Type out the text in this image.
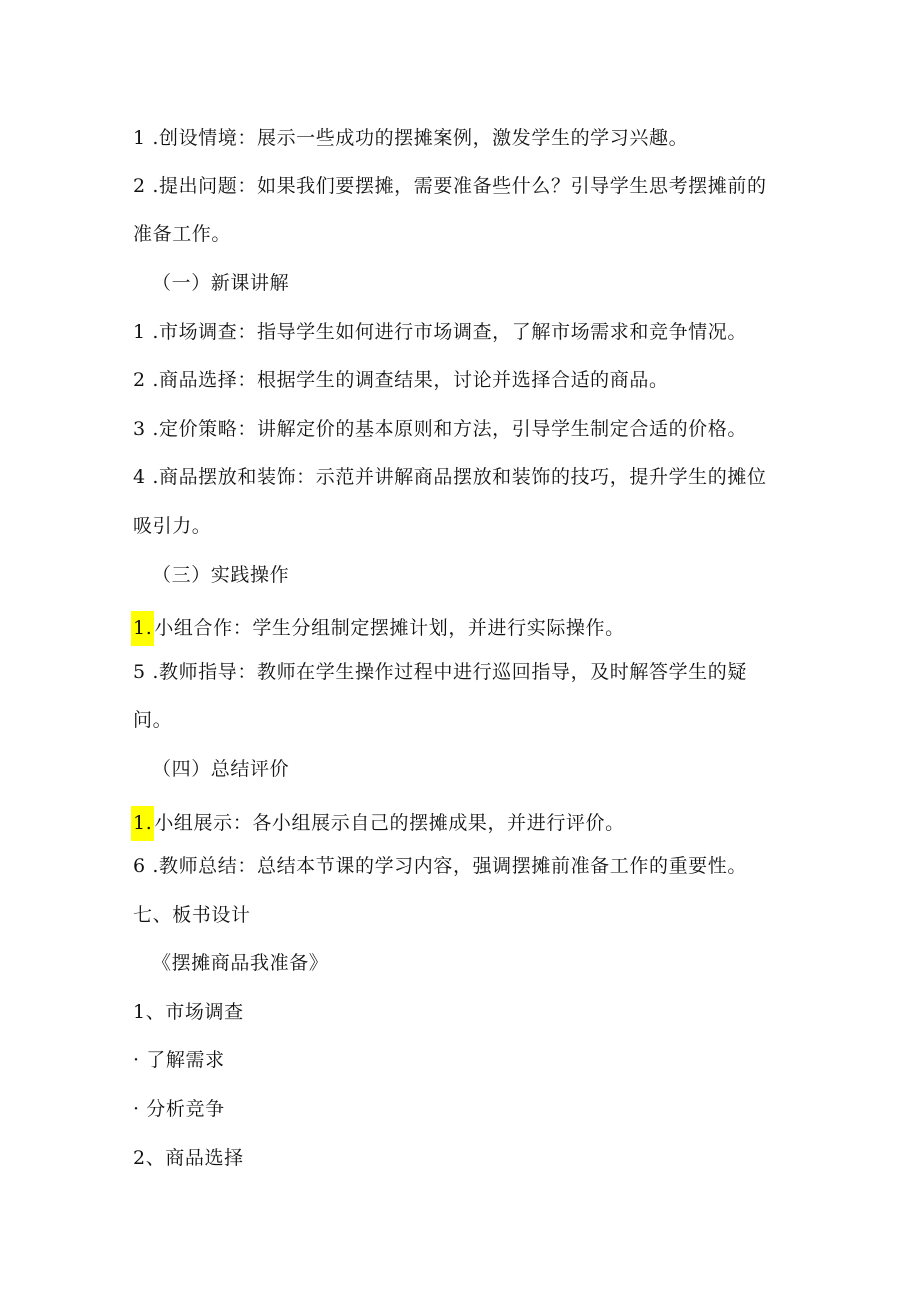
1 .创设情境：展示一些成功的摆摊案例，激发学生的学习兴趣。
2 .提出问题：如果我们要摆摊，需要准备些什么？引导学生思考摆摊前的
准备工作。
（一）新课讲解
1 .市场调查：指导学生如何进行市场调查，了解市场需求和竞争情况。
2 .商品选择：根据学生的调查结果，讨论并选择合适的商品。
3 .定价策略：讲解定价的基本原则和方法，引导学生制定合适的价格。
4 .商品摆放和装饰：示范并讲解商品摆放和装饰的技巧，提升学生的摊位
吸引力。
（三）实践操作
1. 小组合作：学生分组制定摆摊计划，并进行实际操作。
5 .教师指导：教师在学生操作过程中进行巡回指导，及时解答学生的疑
问。
（四）总结评价
1. 小组展示：各小组展示自己的摆摊成果，并进行评价。
6 .教师总结：总结本节课的学习内容，强调摆摊前准备工作的重要性。
七、板书设计
《摆摊商品我准备》
1、市场调查
· 了解需求
· 分析竞争
2、商品选择
